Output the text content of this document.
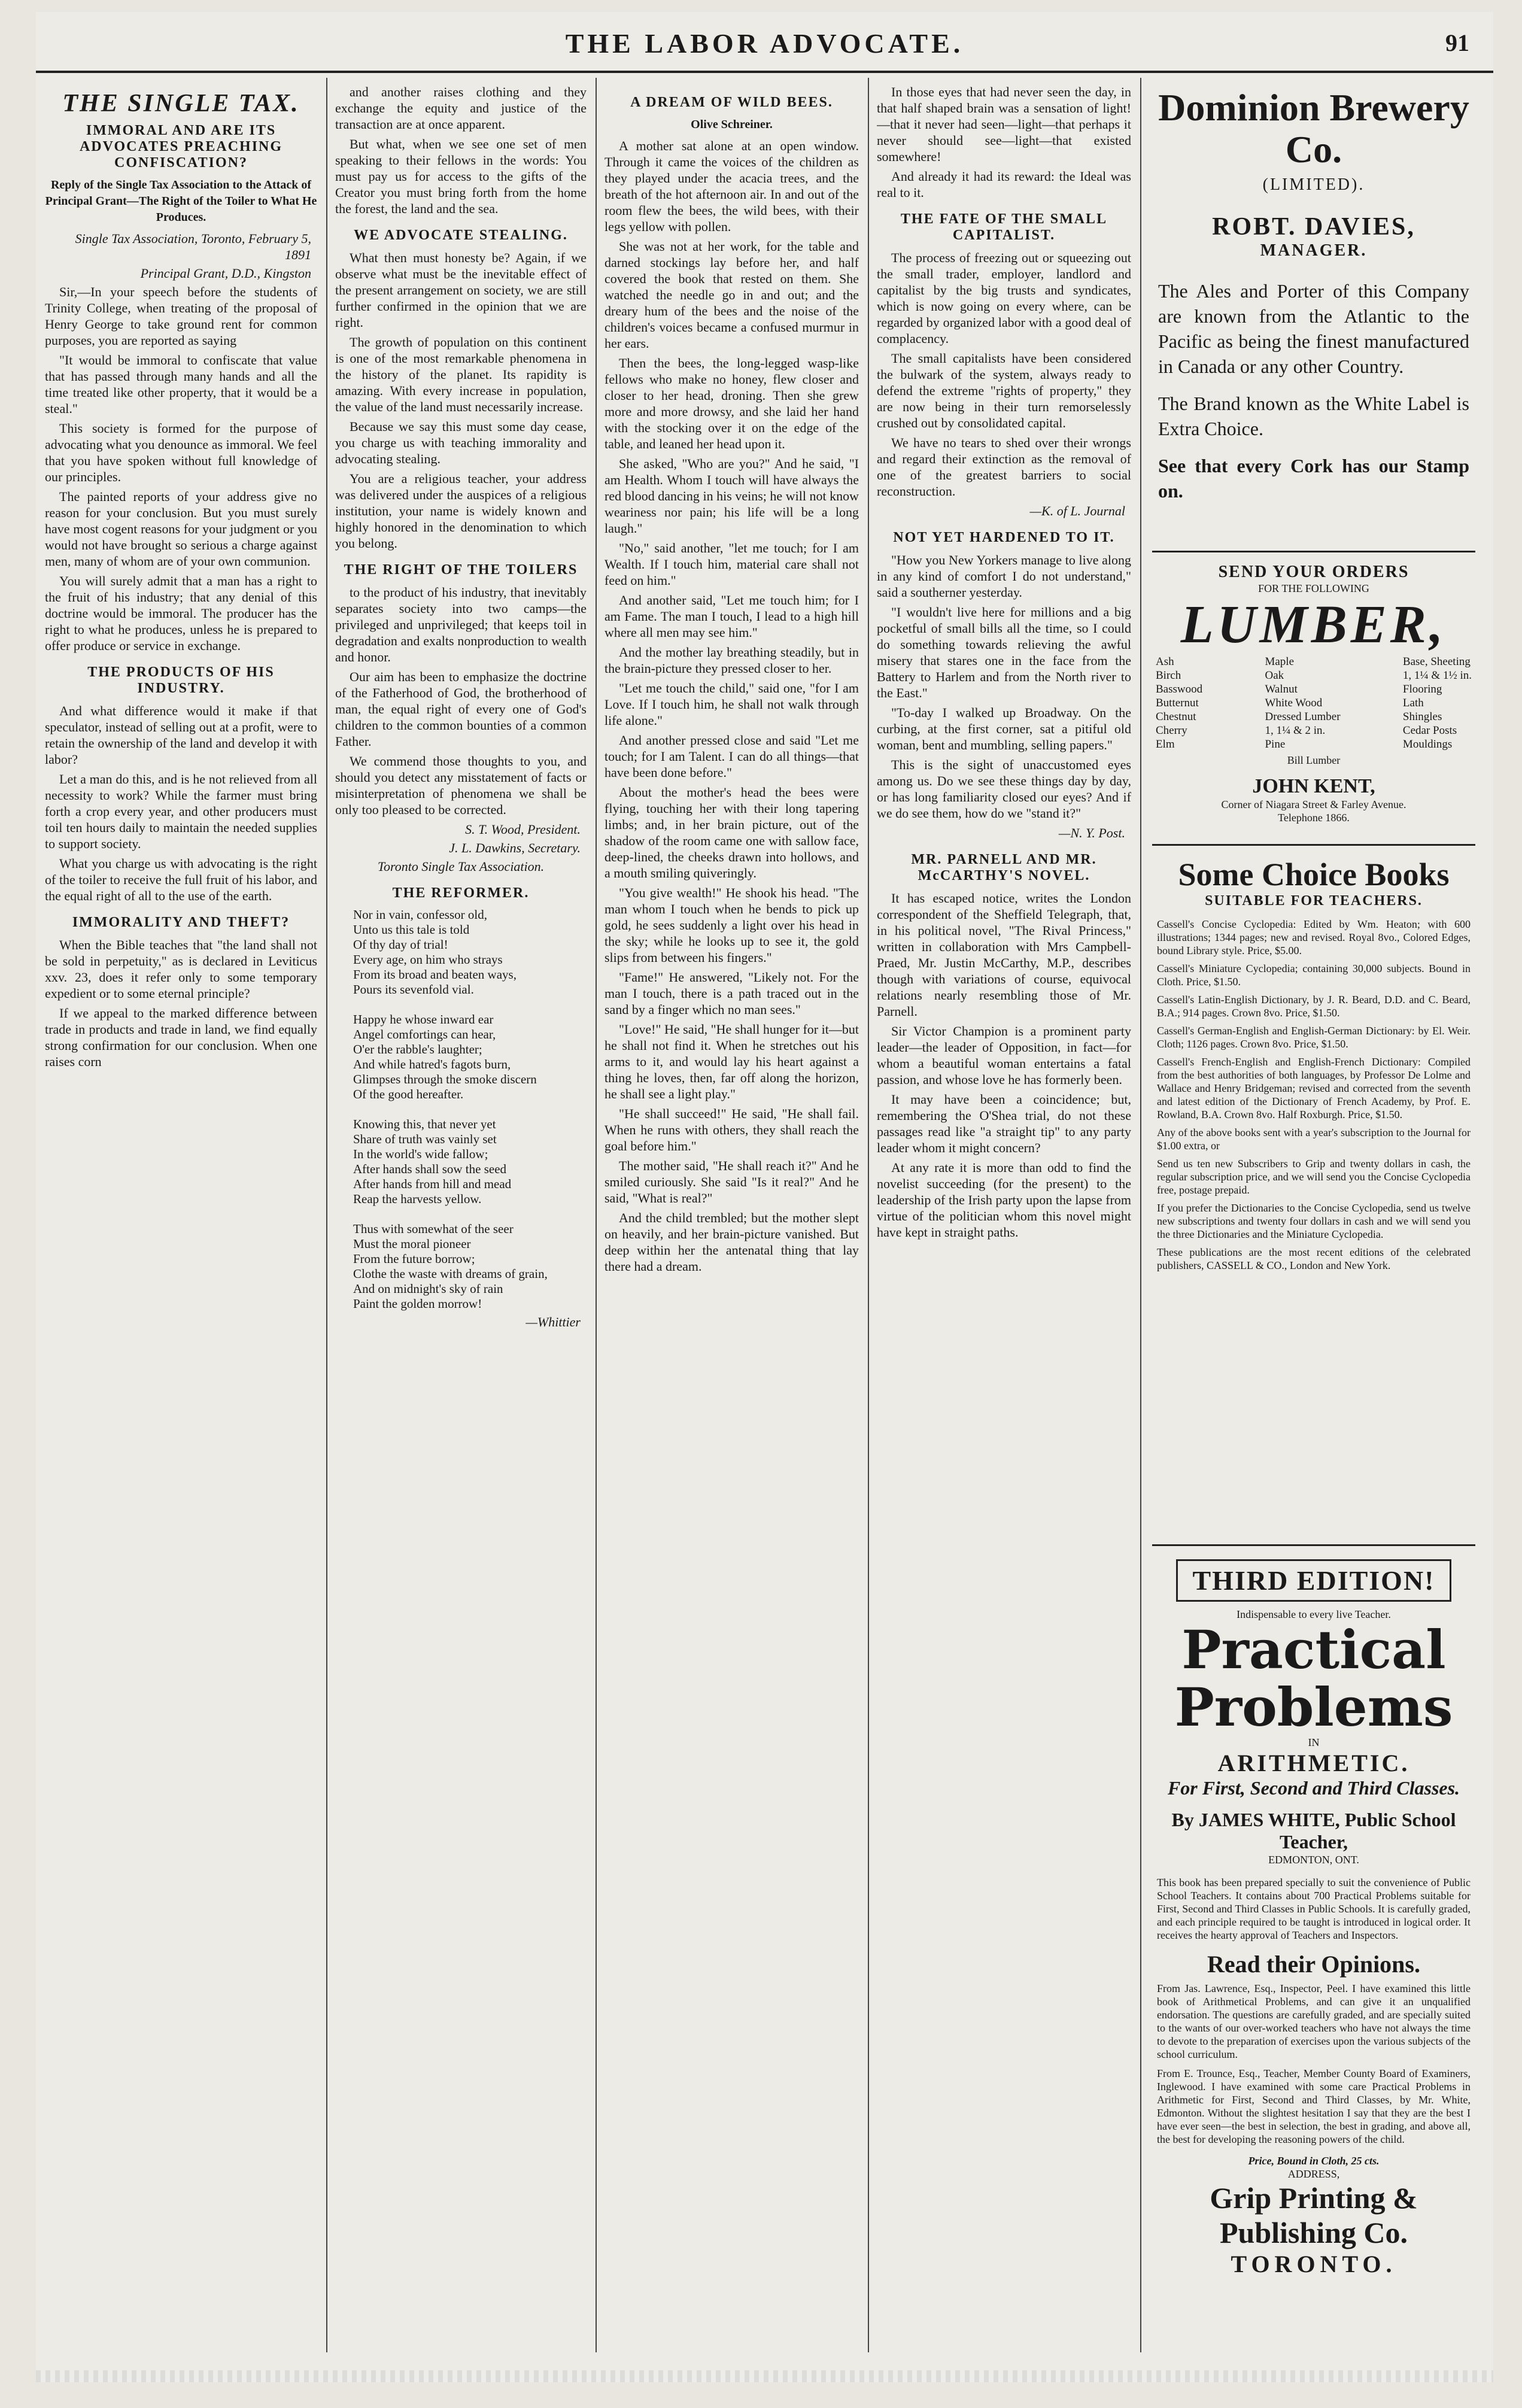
THE LABOR ADVOCATE.	91
THE SINGLE TAX.
IMMORAL AND ARE ITS ADVOCATES PREACHING CONFISCATION?
Reply of the Single Tax Association to the Attack of Principal Grant—The Right of the Toiler to What He Produces.
Single Tax Association, Toronto, February 5, 1891
Principal Grant, D.D., Kingston

Sir,—In your speech before the students of Trinity College, when treating of the proposal of Henry George to take ground rent for common purposes, you are reported as saying

"It would be immoral to confiscate that value that has passed through many hands and all the time treated like other property, that it would be a steal."

This society is formed for the purpose of advocating what you denounce as immoral. We feel that you have spoken without full knowledge of our principles.

The painted reports of your address give no reason for your conclusion. But you must surely have most cogent reasons for your judgment or you would not have brought so serious a charge against men, many of whom are of your own communion.

You will surely admit that a man has a right to the fruit of his industry; that any denial of this doctrine would be immoral. The producer has the right to what he produces, unless he is prepared to offer produce or service in exchange.

THE PRODUCTS OF HIS INDUSTRY.

And what difference would it make if that speculator, instead of selling out at a profit, were to retain the ownership of the land and develop it with labor?

Let a man do this, and is he not relieved from all necessity to work? While the farmer must bring forth a crop every year, and other producers must toil ten hours daily to maintain the needed supplies to support society.

What you charge us with advocating is the right of the toiler to receive the full fruit of his labor, and the equal right of all to the use of the earth.

IMMORALITY AND THEFT?

When the Bible teaches that "the land shall not be sold in perpetuity," as is declared in Leviticus xxv. 23, does it refer only to some temporary expedient or to some eternal principle?

If we appeal to the marked difference between trade in products and trade in land, we find equally strong confirmation for our conclusion. When one raises corn

and another raises clothing and they exchange the equity and justice of the transaction are at once apparent.

But what, when we see one set of men speaking to their fellows in the words: You must pay us for access to the gifts of the Creator you must bring forth from the home the forest, the land and the sea.

WE ADVOCATE STEALING.

What then must honesty be? Again, if we observe what must be the inevitable effect of the present arrangement on society, we are still further confirmed in the opinion that we are right.

The growth of population on this continent is one of the most remarkable phenomena in the history of the planet. Its rapidity is amazing. With every increase in population, the value of the land must necessarily increase.

Because we say this must some day cease, you charge us with teaching immorality and advocating stealing.

You are a religious teacher, your address was delivered under the auspices of a religious institution, your name is widely known and highly honored in the denomination to which you belong.

THE RIGHT OF THE TOILERS

to the product of his industry, that inevitably separates society into two camps—the privileged and unprivileged; that keeps toil in degradation and exalts nonproduction to wealth and honor.

Our aim has been to emphasize the doctrine of the Fatherhood of God, the brotherhood of man, the equal right of every one of God's children to the common bounties of a common Father.

We commend those thoughts to you, and should you detect any misstatement of facts or misinterpretation of phenomena we shall be only too pleased to be corrected.

S. T. Wood, President.
J. L. Dawkins, Secretary.
Toronto Single Tax Association.
THE REFORMER.
Nor in vain, confessor old,
Unto us this tale is told
Of thy day of trial!
Every age, on him who strays
From its broad and beaten ways,
Pours its sevenfold vial.

Happy he whose inward ear
Angel comfortings can hear,
O'er the rabble's laughter;
And while hatred's fagots burn,
Glimpses through the smoke discern
Of the good hereafter.

Knowing this, that never yet
Share of truth was vainly set
In the world's wide fallow;
After hands shall sow the seed
After hands from hill and mead
Reap the harvests yellow.

Thus with somewhat of the seer
Must the moral pioneer
From the future borrow;
Clothe the waste with dreams of grain,
And on midnight's sky of rain
Paint the golden morrow!
—Whittier
A DREAM OF WILD BEES.
Olive Schreiner.

A mother sat alone at an open window. Through it came the voices of the children as they played under the acacia trees, and the breath of the hot afternoon air. In and out of the room flew the bees, the wild bees, with their legs yellow with pollen.

She was not at her work, for the table and darned stockings lay before her, and half covered the book that rested on them. She watched the needle go in and out; and the dreary hum of the bees and the noise of the children's voices became a confused murmur in her ears.

Then the bees, the long-legged wasp-like fellows who make no honey, flew closer and closer to her head, droning. Then she grew more and more drowsy, and she laid her hand with the stocking over it on the edge of the table, and leaned her head upon it.

She asked, "Who are you?" And he said, "I am Health. Whom I touch will have always the red blood dancing in his veins; he will not know weariness nor pain; his life will be a long laugh."

"No," said another, "let me touch; for I am Wealth. If I touch him, material care shall not feed on him."

And another said, "Let me touch him; for I am Fame. The man I touch, I lead to a high hill where all men may see him."

And the mother lay breathing steadily, but in the brain-picture they pressed closer to her.

"Let me touch the child," said one, "for I am Love. If I touch him, he shall not walk through life alone."

And another pressed close and said "Let me touch; for I am Talent. I can do all things—that have been done before."

About the mother's head the bees were flying, touching her with their long tapering limbs; and, in her brain picture, out of the shadow of the room came one with sallow face, deep-lined, the cheeks drawn into hollows, and a mouth smiling quiveringly.

"You give wealth!" He shook his head. "The man whom I touch when he bends to pick up gold, he sees suddenly a light over his head in the sky; while he looks up to see it, the gold slips from between his fingers."

"Fame!" He answered, "Likely not. For the man I touch, there is a path traced out in the sand by a finger which no man sees."

"Love!" He said, "He shall hunger for it—but he shall not find it. When he stretches out his arms to it, and would lay his heart against a thing he loves, then, far off along the horizon, he shall see a light play."

"He shall succeed!" He said, "He shall fail. When he runs with others, they shall reach the goal before him."

The mother said, "He shall reach it?" And he smiled curiously. She said "Is it real?" And he said, "What is real?"

And the child trembled; but the mother slept on heavily, and her brain-picture vanished. But deep within her the antenatal thing that lay there had a dream.

In those eyes that had never seen the day, in that half shaped brain was a sensation of light!—that it never had seen—light—that perhaps it never should see—light—that existed somewhere!

And already it had its reward: the Ideal was real to it.

THE FATE OF THE SMALL CAPITALIST.

The process of freezing out or squeezing out the small trader, employer, landlord and capitalist by the big trusts and syndicates, which is now going on every where, can be regarded by organized labor with a good deal of complacency.

The small capitalists have been considered the bulwark of the system, always ready to defend the extreme "rights of property," they are now being in their turn remorselessly crushed out by consolidated capital.

We have no tears to shed over their wrongs and regard their extinction as the removal of one of the greatest barriers to social reconstruction.

—K. of L. Journal
NOT YET HARDENED TO IT.

"How you New Yorkers manage to live along in any kind of comfort I do not understand," said a southerner yesterday.

"I wouldn't live here for millions and a big pocketful of small bills all the time, so I could do something towards relieving the awful misery that stares one in the face from the Battery to Harlem and from the North river to the East."

"To-day I walked up Broadway. On the curbing, at the first corner, sat a pitiful old woman, bent and mumbling, selling papers."

This is the sight of unaccustomed eyes among us. Do we see these things day by day, or has long familiarity closed our eyes? And if we do see them, how do we "stand it?"

—N. Y. Post.
MR. PARNELL AND MR. McCARTHY'S NOVEL.

It has escaped notice, writes the London correspondent of the Sheffield Telegraph, that, in his political novel, "The Rival Princess," written in collaboration with Mrs Campbell-Praed, Mr. Justin McCarthy, M.P., describes though with variations of course, equivocal relations nearly resembling those of Mr. Parnell.

Sir Victor Champion is a prominent party leader—the leader of Opposition, in fact—for whom a beautiful woman entertains a fatal passion, and whose love he has formerly been.

It may have been a coincidence; but, remembering the O'Shea trial, do not these passages read like "a straight tip" to any party leader whom it might concern?

At any rate it is more than odd to find the novelist succeeding (for the present) to the leadership of the Irish party upon the lapse from virtue of the politician whom this novel might have kept in straight paths.

Dominion Brewery Co.
(LIMITED).
ROBT. DAVIES,
MANAGER.
The Ales and Porter of this Company are known from the Atlantic to the Pacific as being the finest manufactured in Canada or any other Country.
The Brand known as the White Label is Extra Choice.
See that every Cork has our Stamp on.
SEND YOUR ORDERS
FOR THE FOLLOWING
LUMBER,
Ash
Birch
Basswood
Butternut
Chestnut
Cherry
Elm
Maple
Oak
Walnut
White Wood
Dressed Lumber
1, 1¼ & 2 in.
Pine
Base, Sheeting
1, 1¼ & 1½ in.
Flooring
Lath
Shingles
Cedar Posts
Mouldings
Bill Lumber
JOHN KENT,
Corner of Niagara Street & Farley Avenue.
Telephone 1866.
Some Choice Books
SUITABLE FOR TEACHERS.

Cassell's Concise Cyclopedia: Edited by Wm. Heaton; with 600 illustrations; 1344 pages; new and revised. Royal 8vo., Colored Edges, bound Library style. Price, $5.00.

Cassell's Miniature Cyclopedia; containing 30,000 subjects. Bound in Cloth. Price, $1.50.

Cassell's Latin-English Dictionary, by J. R. Beard, D.D. and C. Beard, B.A.; 914 pages. Crown 8vo. Price, $1.50.

Cassell's German-English and English-German Dictionary: by El. Weir. Cloth; 1126 pages. Crown 8vo. Price, $1.50.

Cassell's French-English and English-French Dictionary: Compiled from the best authorities of both languages, by Professor De Lolme and Wallace and Henry Bridgeman; revised and corrected from the seventh and latest edition of the Dictionary of French Academy, by Prof. E. Rowland, B.A. Crown 8vo. Half Roxburgh. Price, $1.50.

Any of the above books sent with a year's subscription to the Journal for $1.00 extra, or

Send us ten new Subscribers to Grip and twenty dollars in cash, the regular subscription price, and we will send you the Concise Cyclopedia free, postage prepaid.

If you prefer the Dictionaries to the Concise Cyclopedia, send us twelve new subscriptions and twenty four dollars in cash and we will send you the three Dictionaries and the Miniature Cyclopedia.

These publications are the most recent editions of the celebrated publishers, CASSELL & CO., London and New York.

THIRD EDITION!
Indispensable to every live Teacher.
Practical Problems
IN
ARITHMETIC.
For First, Second and Third Classes.
By JAMES WHITE, Public School Teacher,
EDMONTON, ONT.
This book has been prepared specially to suit the convenience of Public School Teachers. It contains about 700 Practical Problems suitable for First, Second and Third Classes in Public Schools. It is carefully graded, and each principle required to be taught is introduced in logical order. It receives the hearty approval of Teachers and Inspectors.
Read their Opinions.
From Jas. Lawrence, Esq., Inspector, Peel. I have examined this little book of Arithmetical Problems, and can give it an unqualified endorsation. The questions are carefully graded, and are specially suited to the wants of our over-worked teachers who have not always the time to devote to the preparation of exercises upon the various subjects of the school curriculum.
From E. Trounce, Esq., Teacher, Member County Board of Examiners, Inglewood. I have examined with some care Practical Problems in Arithmetic for First, Second and Third Classes, by Mr. White, Edmonton. Without the slightest hesitation I say that they are the best I have ever seen—the best in selection, the best in grading, and above all, the best for developing the reasoning powers of the child.
Price, Bound in Cloth, 25 cts.
ADDRESS,
Grip Printing & Publishing Co.
TORONTO.
